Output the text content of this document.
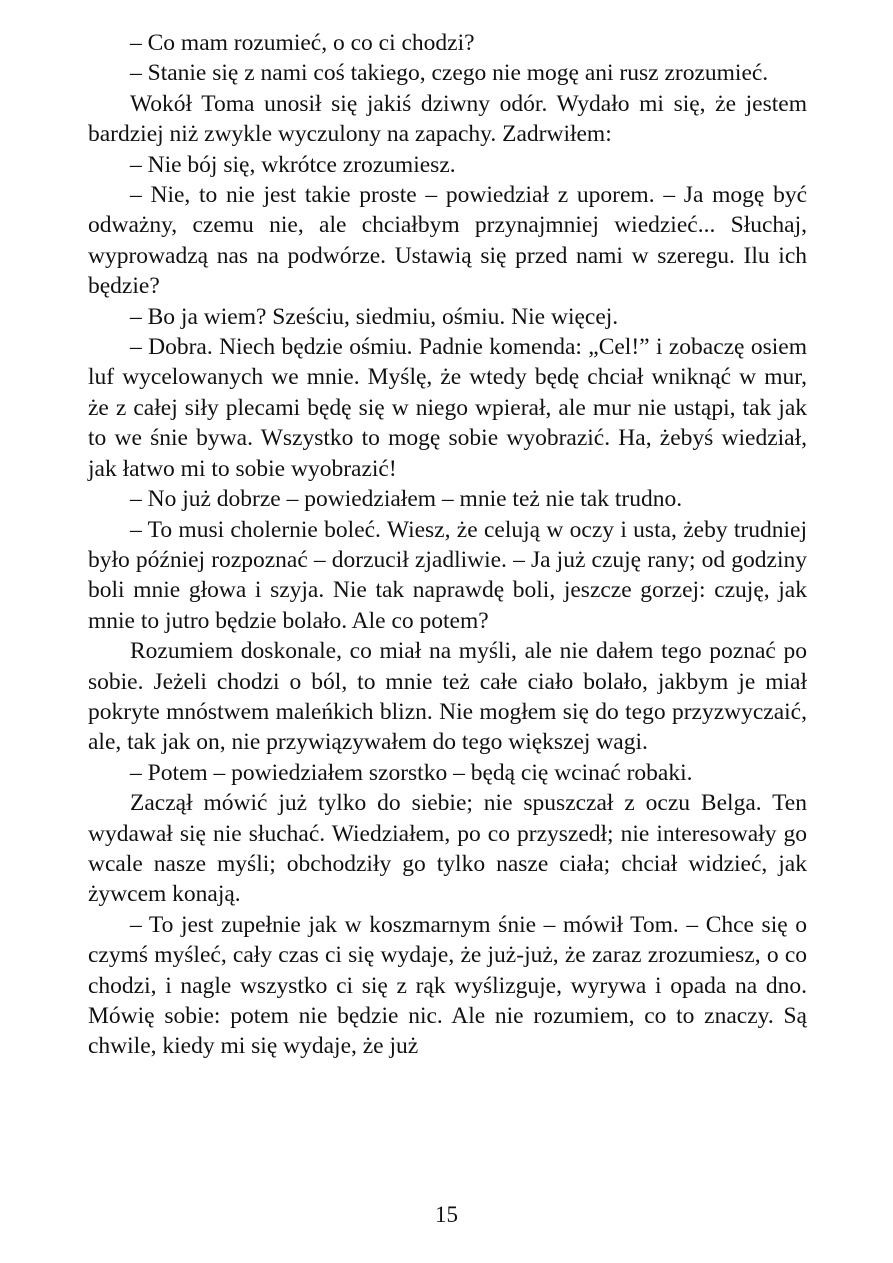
– Co mam rozumieć, o co ci chodzi?

– Stanie się z nami coś takiego, czego nie mogę ani rusz zrozumieć.

Wokół Toma unosił się jakiś dziwny odór. Wydało mi się, że jestem bardziej niż zwykle wyczulony na zapachy. Zadrwiłem:

– Nie bój się, wkrótce zrozumiesz.

– Nie, to nie jest takie proste – powiedział z uporem. – Ja mogę być odważny, czemu nie, ale chciałbym przynajmniej wiedzieć... Słuchaj, wyprowadzą nas na podwórze. Ustawią się przed nami w szeregu. Ilu ich będzie?

– Bo ja wiem? Sześciu, siedmiu, ośmiu. Nie więcej.

– Dobra. Niech będzie ośmiu. Padnie komenda: „Cel!” i zobaczę osiem luf wycelowanych we mnie. Myślę, że wtedy będę chciał wniknąć w mur, że z całej siły plecami będę się w niego wpierał, ale mur nie ustąpi, tak jak to we śnie bywa. Wszystko to mogę sobie wyobrazić. Ha, żebyś wiedział, jak łatwo mi to sobie wyobrazić!

– No już dobrze – powiedziałem – mnie też nie tak trudno.

– To musi cholernie boleć. Wiesz, że celują w oczy i usta, żeby trudniej było później rozpoznać – dorzucił zjadliwie. – Ja już czuję rany; od godziny boli mnie głowa i szyja. Nie tak naprawdę boli, jeszcze gorzej: czuję, jak mnie to jutro będzie bolało. Ale co potem?

Rozumiem doskonale, co miał na myśli, ale nie dałem tego poznać po sobie. Jeżeli chodzi o ból, to mnie też całe ciało bolało, jakbym je miał pokryte mnóstwem maleńkich blizn. Nie mogłem się do tego przyzwyczaić, ale, tak jak on, nie przywiązywałem do tego większej wagi.

– Potem – powiedziałem szorstko – będą cię wcinać robaki.

Zaczął mówić już tylko do siebie; nie spuszczał z oczu Belga. Ten wydawał się nie słuchać. Wiedziałem, po co przyszedł; nie interesowały go wcale nasze myśli; obchodziły go tylko nasze ciała; chciał widzieć, jak żywcem konają.

– To jest zupełnie jak w koszmarnym śnie – mówił Tom. – Chce się o czymś myśleć, cały czas ci się wydaje, że już-już, że zaraz zrozumiesz, o co chodzi, i nagle wszystko ci się z rąk wyślizguje, wyrywa i opada na dno. Mówię sobie: potem nie będzie nic. Ale nie rozumiem, co to znaczy. Są chwile, kiedy mi się wydaje, że już

15
